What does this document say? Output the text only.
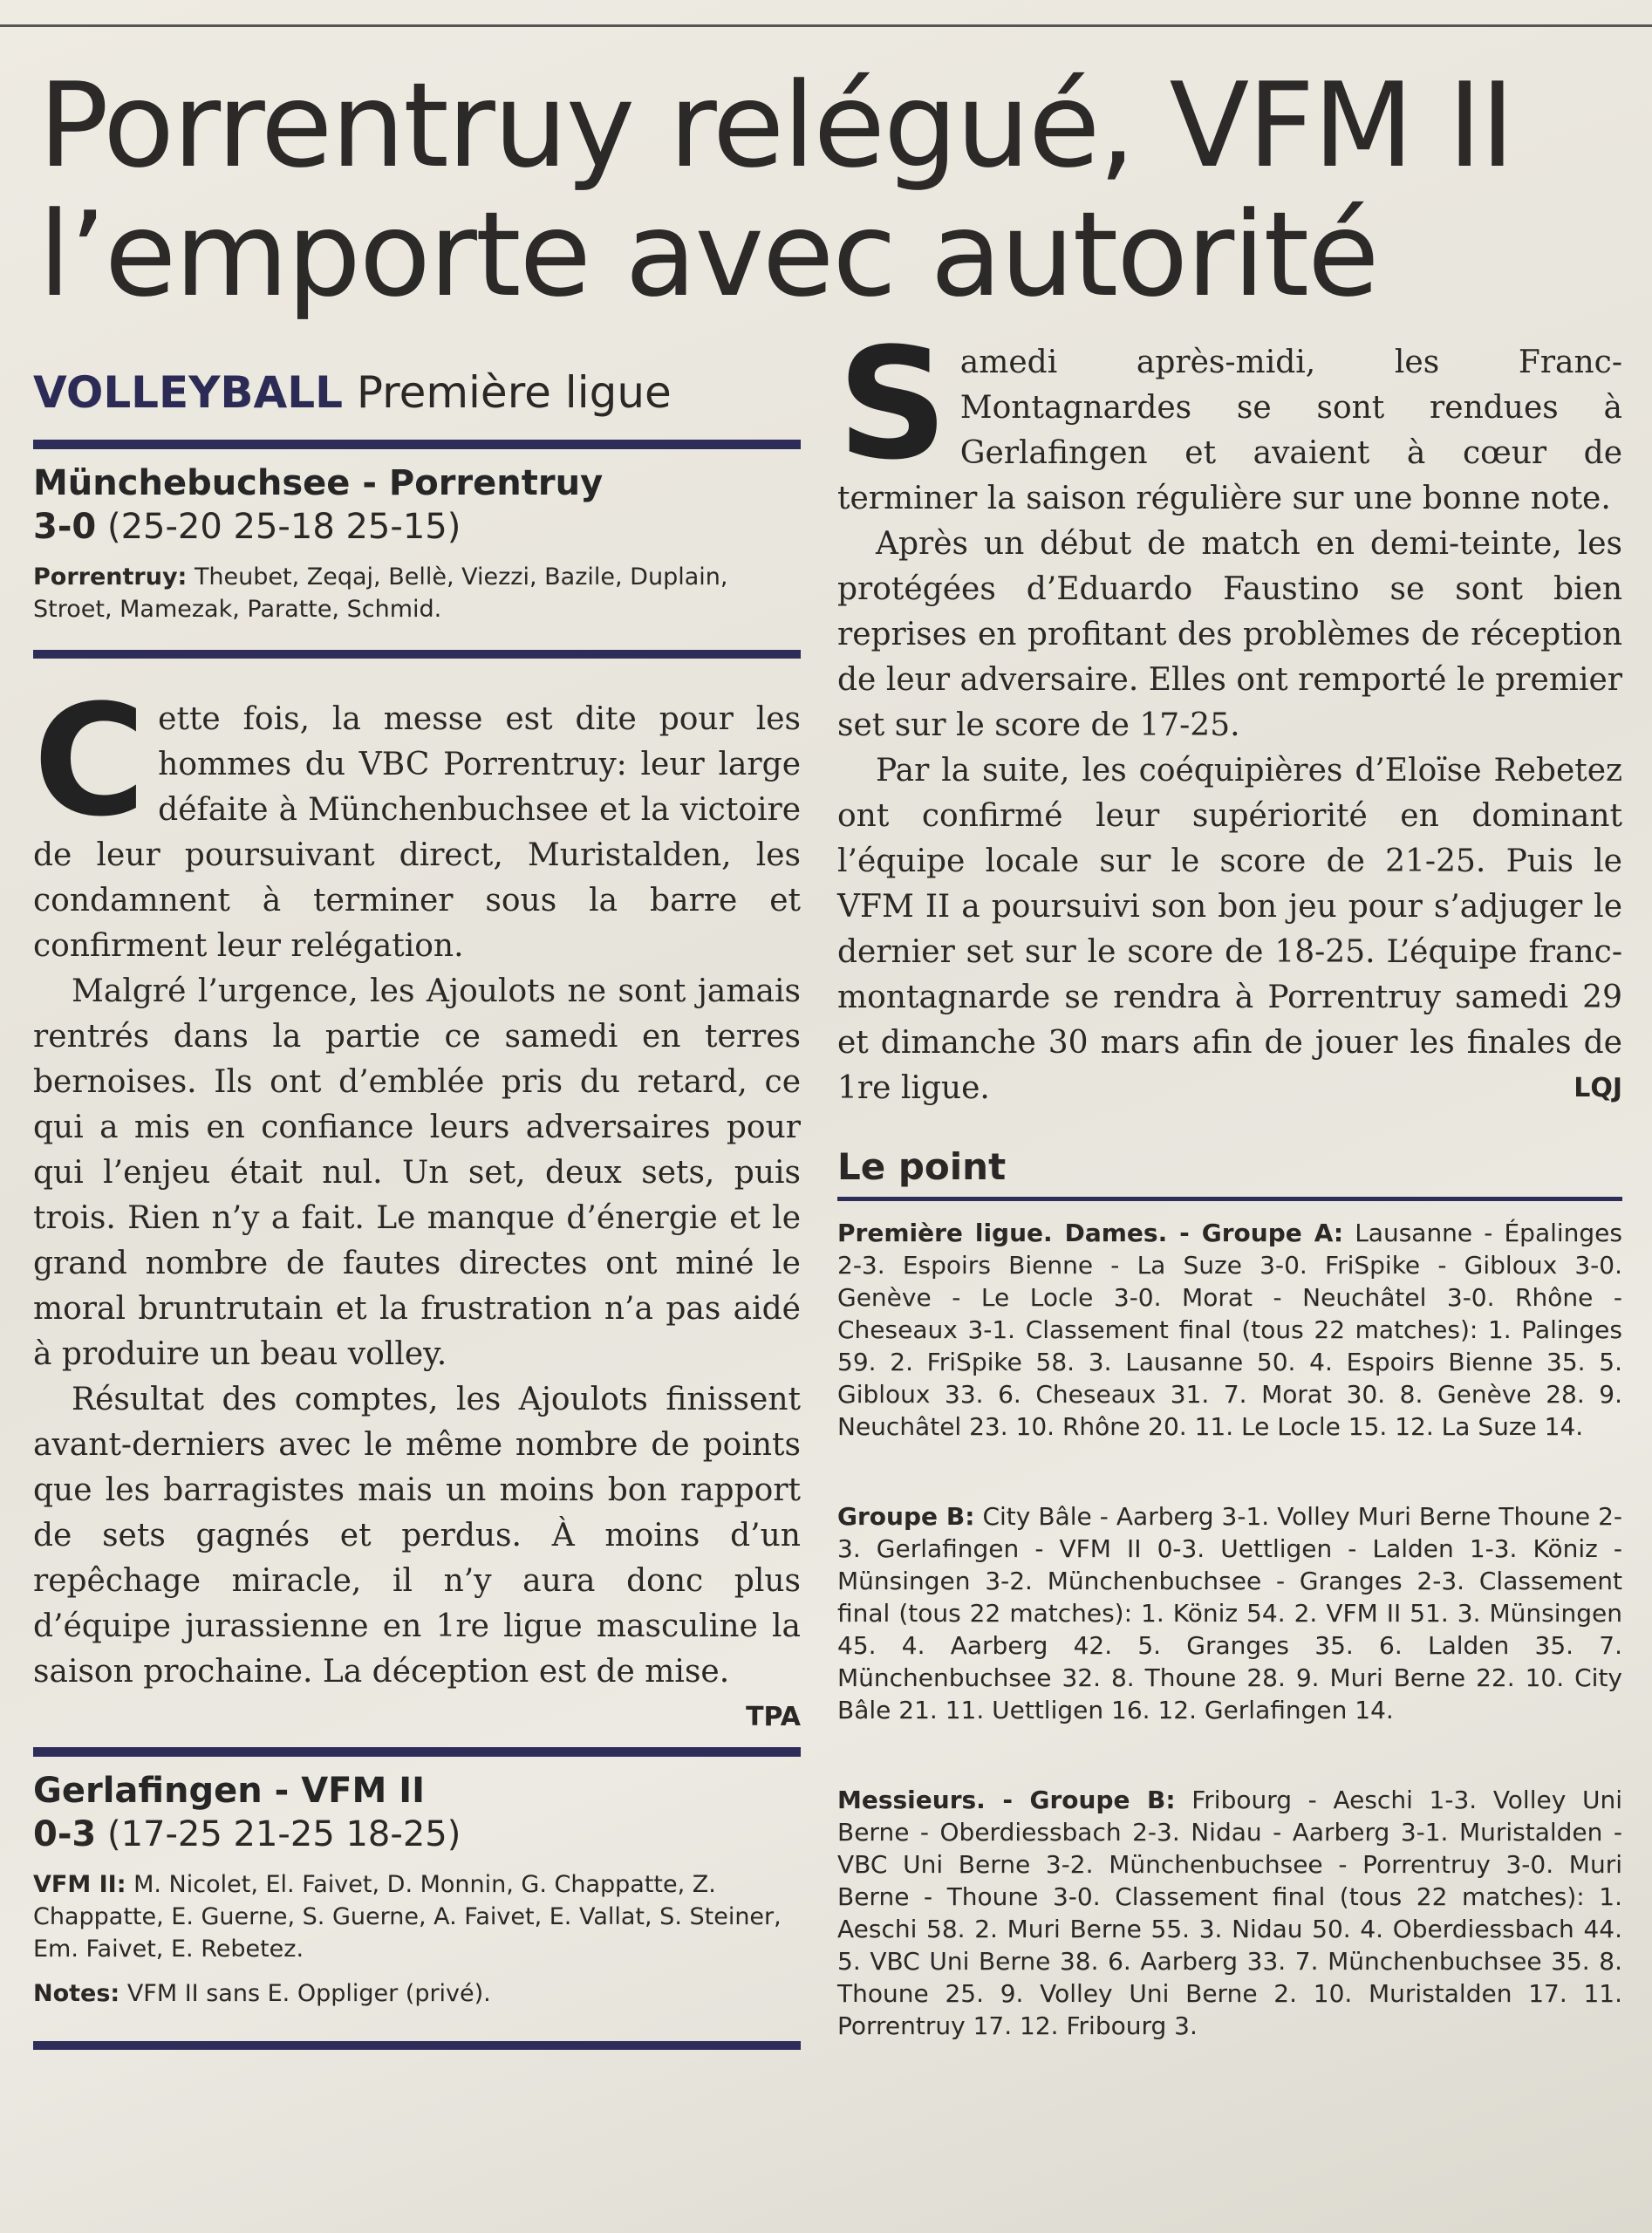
Porrentruy relégué, VFM II l’emporte avec autorité
VOLLEYBALL Première ligue
Münchebuchsee - Porrentruy
3-0 (25-20 25-18 25-15)
Porrentruy: Theubet, Zeqaj, Bellè, Viezzi, Bazile, Duplain, Stroet, Mamezak, Paratte, Schmid.

Cette fois, la messe est dite pour les hommes du VBC Porrentruy: leur large défaite à Münchenbuchsee et la victoire de leur poursuivant direct, Muristalden, les condamnent à terminer sous la barre et confirment leur relégation.

Malgré l’urgence, les Ajoulots ne sont jamais rentrés dans la partie ce samedi en terres bernoises. Ils ont d’emblée pris du retard, ce qui a mis en confiance leurs adversaires pour qui l’enjeu était nul. Un set, deux sets, puis trois. Rien n’y a fait. Le manque d’énergie et le grand nombre de fautes directes ont miné le moral bruntrutain et la frustration n’a pas aidé à produire un beau volley.

Résultat des comptes, les Ajoulots finissent avant-derniers avec le même nombre de points que les barragistes mais un moins bon rapport de sets gagnés et perdus. À moins d’un repêchage miracle, il n’y aura donc plus d’équipe jurassienne en 1re ligue masculine la saison prochaine. La déception est de mise.
TPA

Gerlafingen - VFM II
0-3 (17-25 21-25 18-25)
VFM II: M. Nicolet, El. Faivet, D. Monnin, G. Chappatte, Z. Chappatte, E. Guerne, S. Guerne, A. Faivet, E. Vallat, S. Steiner, Em. Faivet, E. Rebetez.
Notes: VFM II sans E. Oppliger (privé).

Samedi après-midi, les Franc-Montagnardes se sont rendues à Gerlafingen et avaient à cœur de terminer la saison régulière sur une bonne note.

Après un début de match en demi-teinte, les protégées d’Eduardo Faustino se sont bien reprises en profitant des problèmes de réception de leur adversaire. Elles ont remporté le premier set sur le score de 17-25.

Par la suite, les coéquipières d’Eloïse Rebetez ont confirmé leur supériorité en dominant l’équipe locale sur le score de 21-25. Puis le VFM II a poursuivi son bon jeu pour s’adjuger le dernier set sur le score de 18-25. L’équipe franc-montagnarde se rendra à Porrentruy samedi 29 et dimanche 30 mars afin de jouer les finales de 1re ligue.	LQJ

Le point
Première ligue. Dames. - Groupe A: Lausanne - Épalinges 2-3. Espoirs Bienne - La Suze 3-0. FriSpike - Gibloux 3-0. Genève - Le Locle 3-0. Morat - Neuchâtel 3-0. Rhône - Cheseaux 3-1. Classement final (tous 22 matches): 1. Palinges 59. 2. FriSpike 58. 3. Lausanne 50. 4. Espoirs Bienne 35. 5. Gibloux 33. 6. Cheseaux 31. 7. Morat 30. 8. Genève 28. 9. Neuchâtel 23. 10. Rhône 20. 11. Le Locle 15. 12. La Suze 14.
Groupe B: City Bâle - Aarberg 3-1. Volley Muri Berne Thoune 2-3. Gerlafingen - VFM II 0-3. Uettligen - Lalden 1-3. Köniz - Münsingen 3-2. Münchenbuchsee - Granges 2-3. Classement final (tous 22 matches): 1. Köniz 54. 2. VFM II 51. 3. Münsingen 45. 4. Aarberg 42. 5. Granges 35. 6. Lalden 35. 7. Münchenbuchsee 32. 8. Thoune 28. 9. Muri Berne 22. 10. City Bâle 21. 11. Uettligen 16. 12. Gerlafingen 14.
Messieurs. - Groupe B: Fribourg - Aeschi 1-3. Volley Uni Berne - Oberdiessbach 2-3. Nidau - Aarberg 3-1. Muristalden - VBC Uni Berne 3-2. Münchenbuchsee - Porrentruy 3-0. Muri Berne - Thoune 3-0. Classement final (tous 22 matches): 1. Aeschi 58. 2. Muri Berne 55. 3. Nidau 50. 4. Oberdiessbach 44. 5. VBC Uni Berne 38. 6. Aarberg 33. 7. Münchenbuchsee 35. 8. Thoune 25. 9. Volley Uni Berne 2. 10. Muristalden 17. 11. Porrentruy 17. 12. Fribourg 3.
